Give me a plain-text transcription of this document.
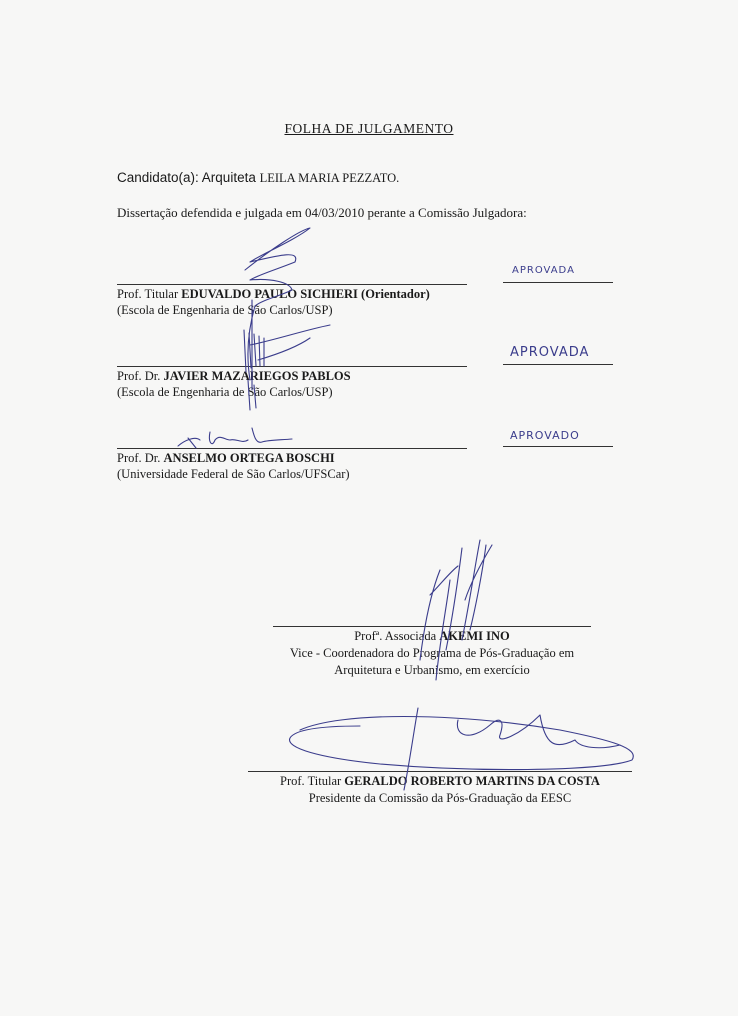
FOLHA DE JULGAMENTO
Candidato(a): Arquiteta LEILA MARIA PEZZATO.
Dissertação defendida e julgada em 04/03/2010 perante a Comissão Julgadora:
APROVADA
Prof. Titular EDUVALDO PAULO SICHIERI (Orientador)
(Escola de Engenharia de São Carlos/USP)
APROVADA
Prof. Dr. JAVIER MAZARIEGOS PABLOS
(Escola de Engenharia de São Carlos/USP)
APROVADO
Prof. Dr. ANSELMO ORTEGA BOSCHI
(Universidade Federal de São Carlos/UFSCar)
Profª. Associada AKEMI INO
Vice - Coordenadora do Programa de Pós-Graduação em
Arquitetura e Urbanismo, em exercício
Prof. Titular GERALDO ROBERTO MARTINS DA COSTA
Presidente da Comissão da Pós-Graduação da EESC
